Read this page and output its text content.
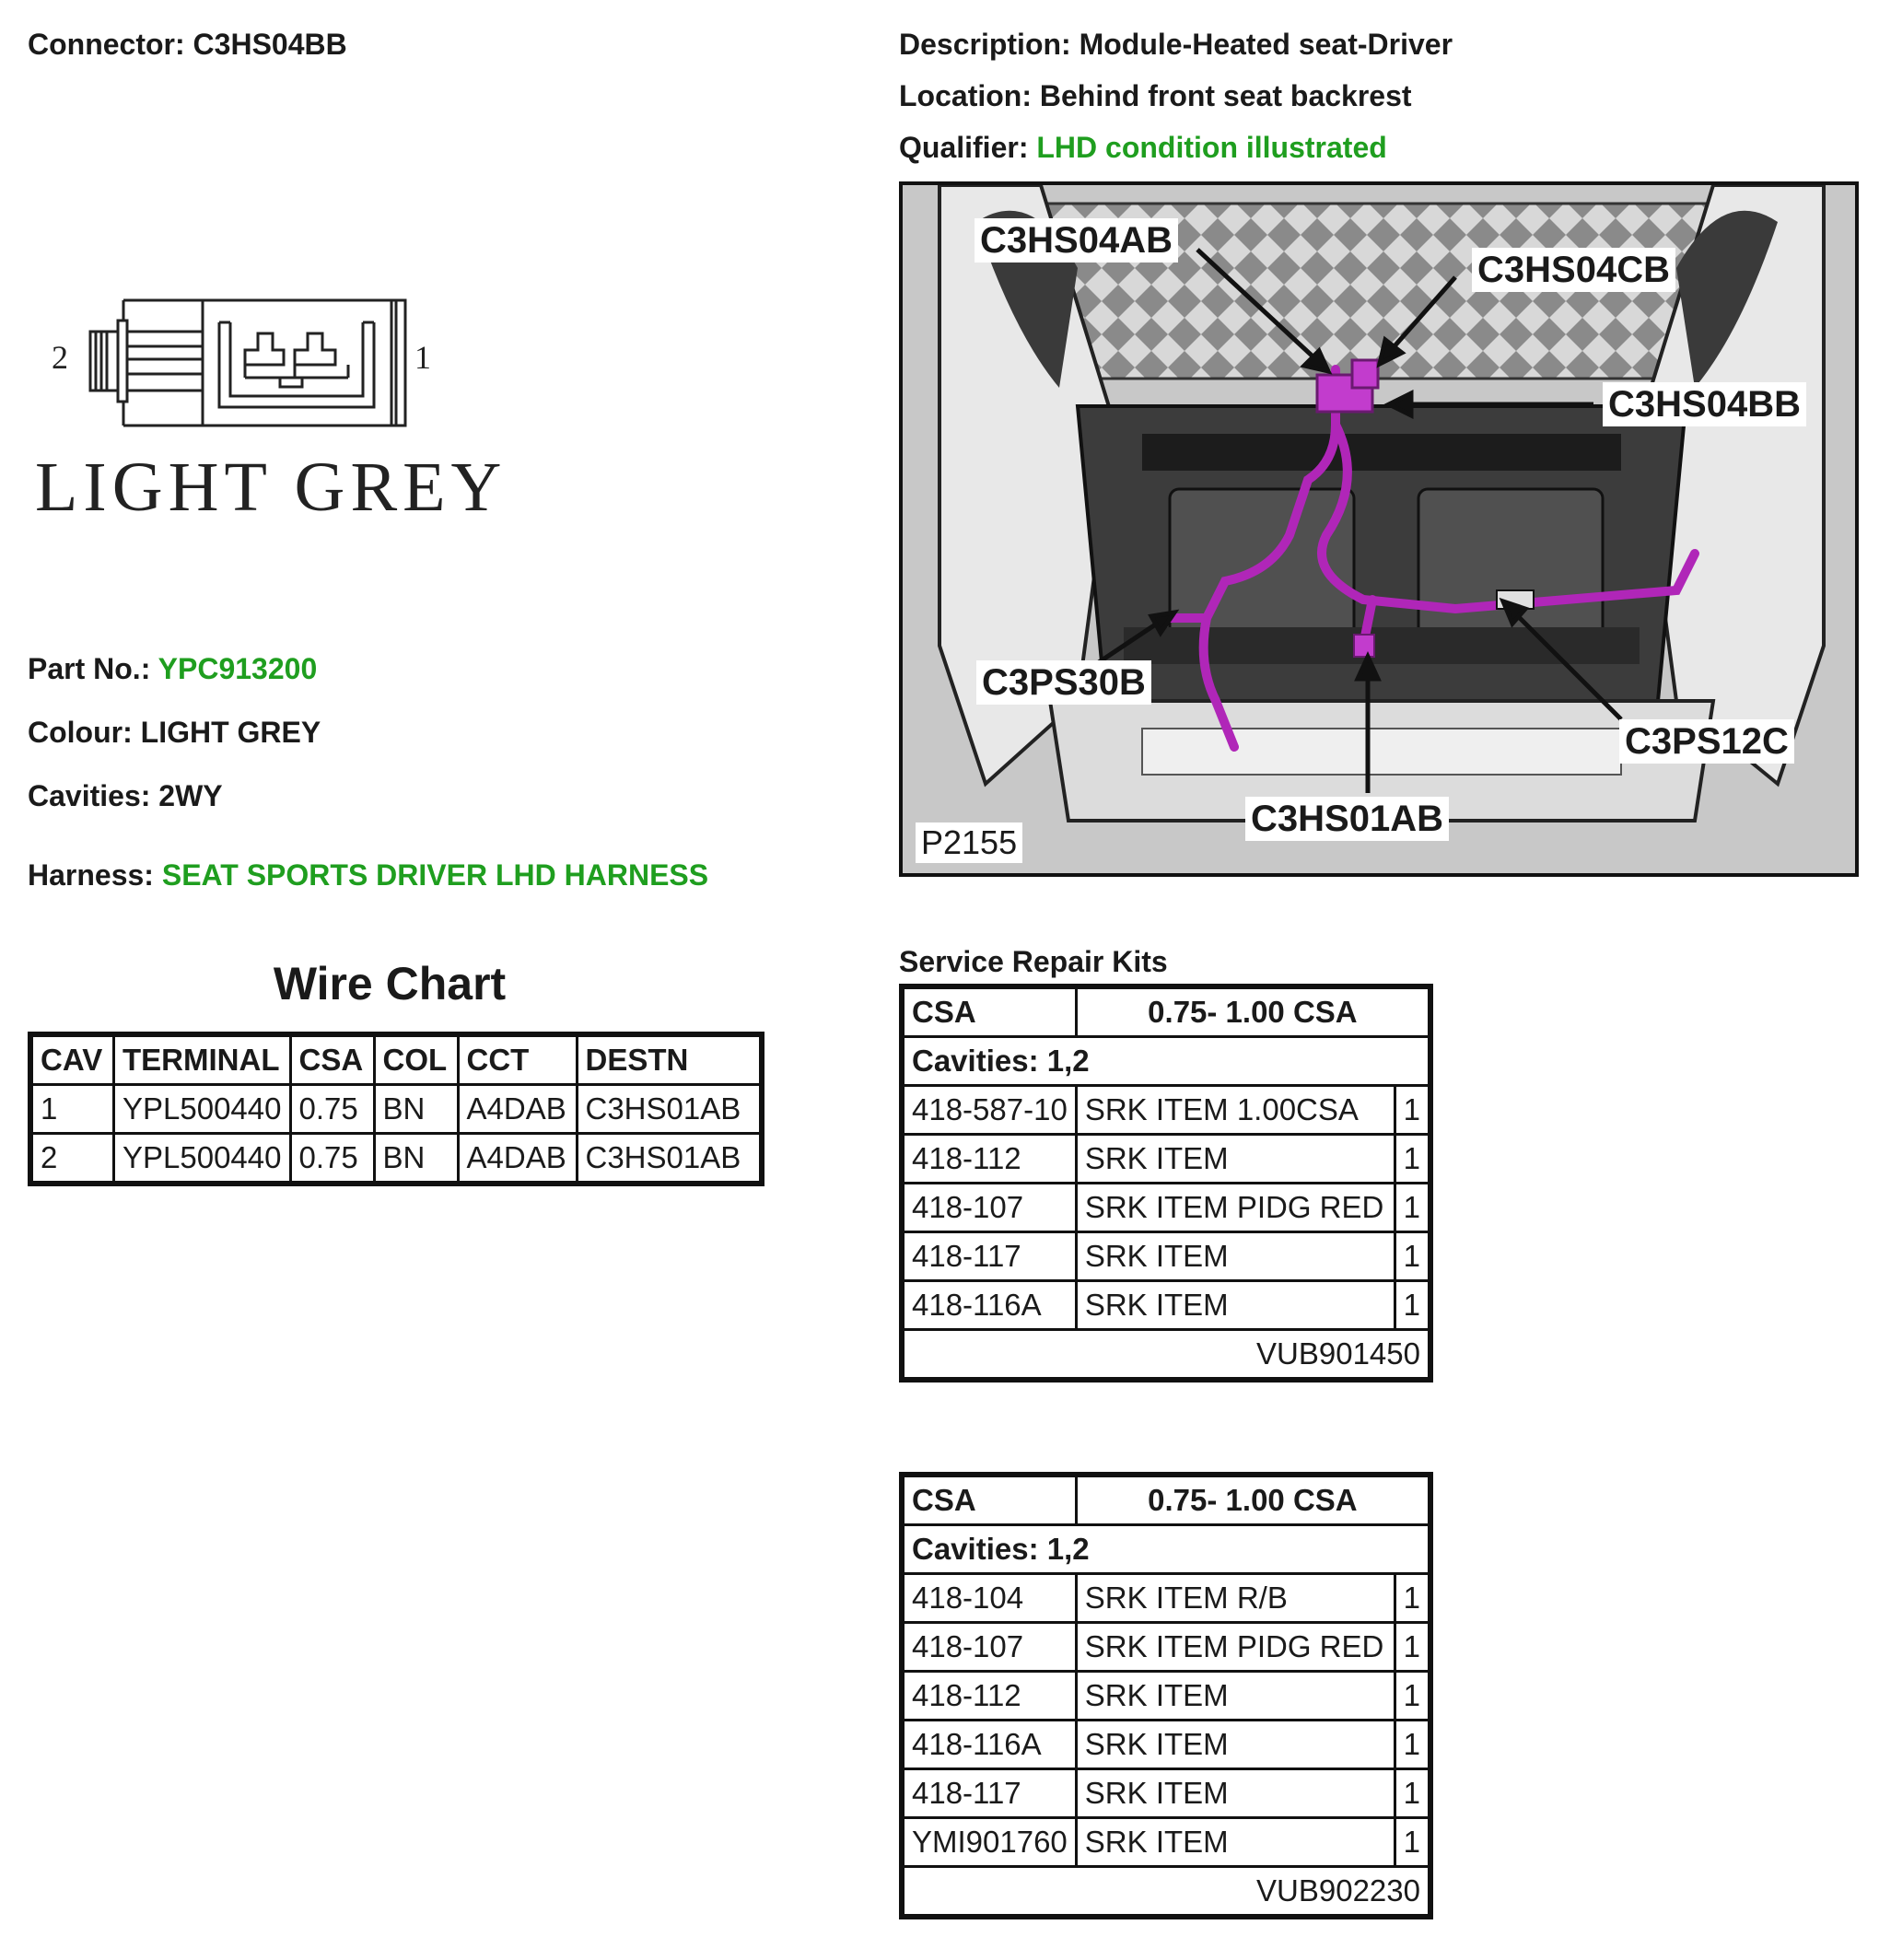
Connector: C3HS04BB	Description: Module-Heated seat-Driver
Location: Behind front seat backrest
Qualifier: LHD condition illustrated
2	1
LIGHT GREY
Part No.: YPC913200
Colour: LIGHT GREY
Cavities: 2WY
Harness: SEAT SPORTS DRIVER LHD HARNESS
Wire Chart
CAV	TERMINAL	CSA	COL	CCT	DESTN
1	YPL500440	0.75	BN	A4DAB	C3HS01AB
2	YPL500440	0.75	BN	A4DAB	C3HS01AB
C3HS04AB
C3HS04CB
C3HS04BB
C3PS30B
C3PS12C
C3HS01AB
P2155
Service Repair Kits
CSA	0.75- 1.00 CSA	
Cavities: 1,2		
418-587-10	SRK ITEM 1.00CSA	1
418-112	SRK ITEM	1
418-107	SRK ITEM PIDG RED	1
418-117	SRK ITEM	1
418-116A	SRK ITEM	1
VUB901450		
CSA	0.75- 1.00 CSA	
Cavities: 1,2		
418-104	SRK ITEM R/B	1
418-107	SRK ITEM PIDG RED	1
418-112	SRK ITEM	1
418-116A	SRK ITEM	1
418-117	SRK ITEM	1
YMI901760	SRK ITEM	1
VUB902230		
